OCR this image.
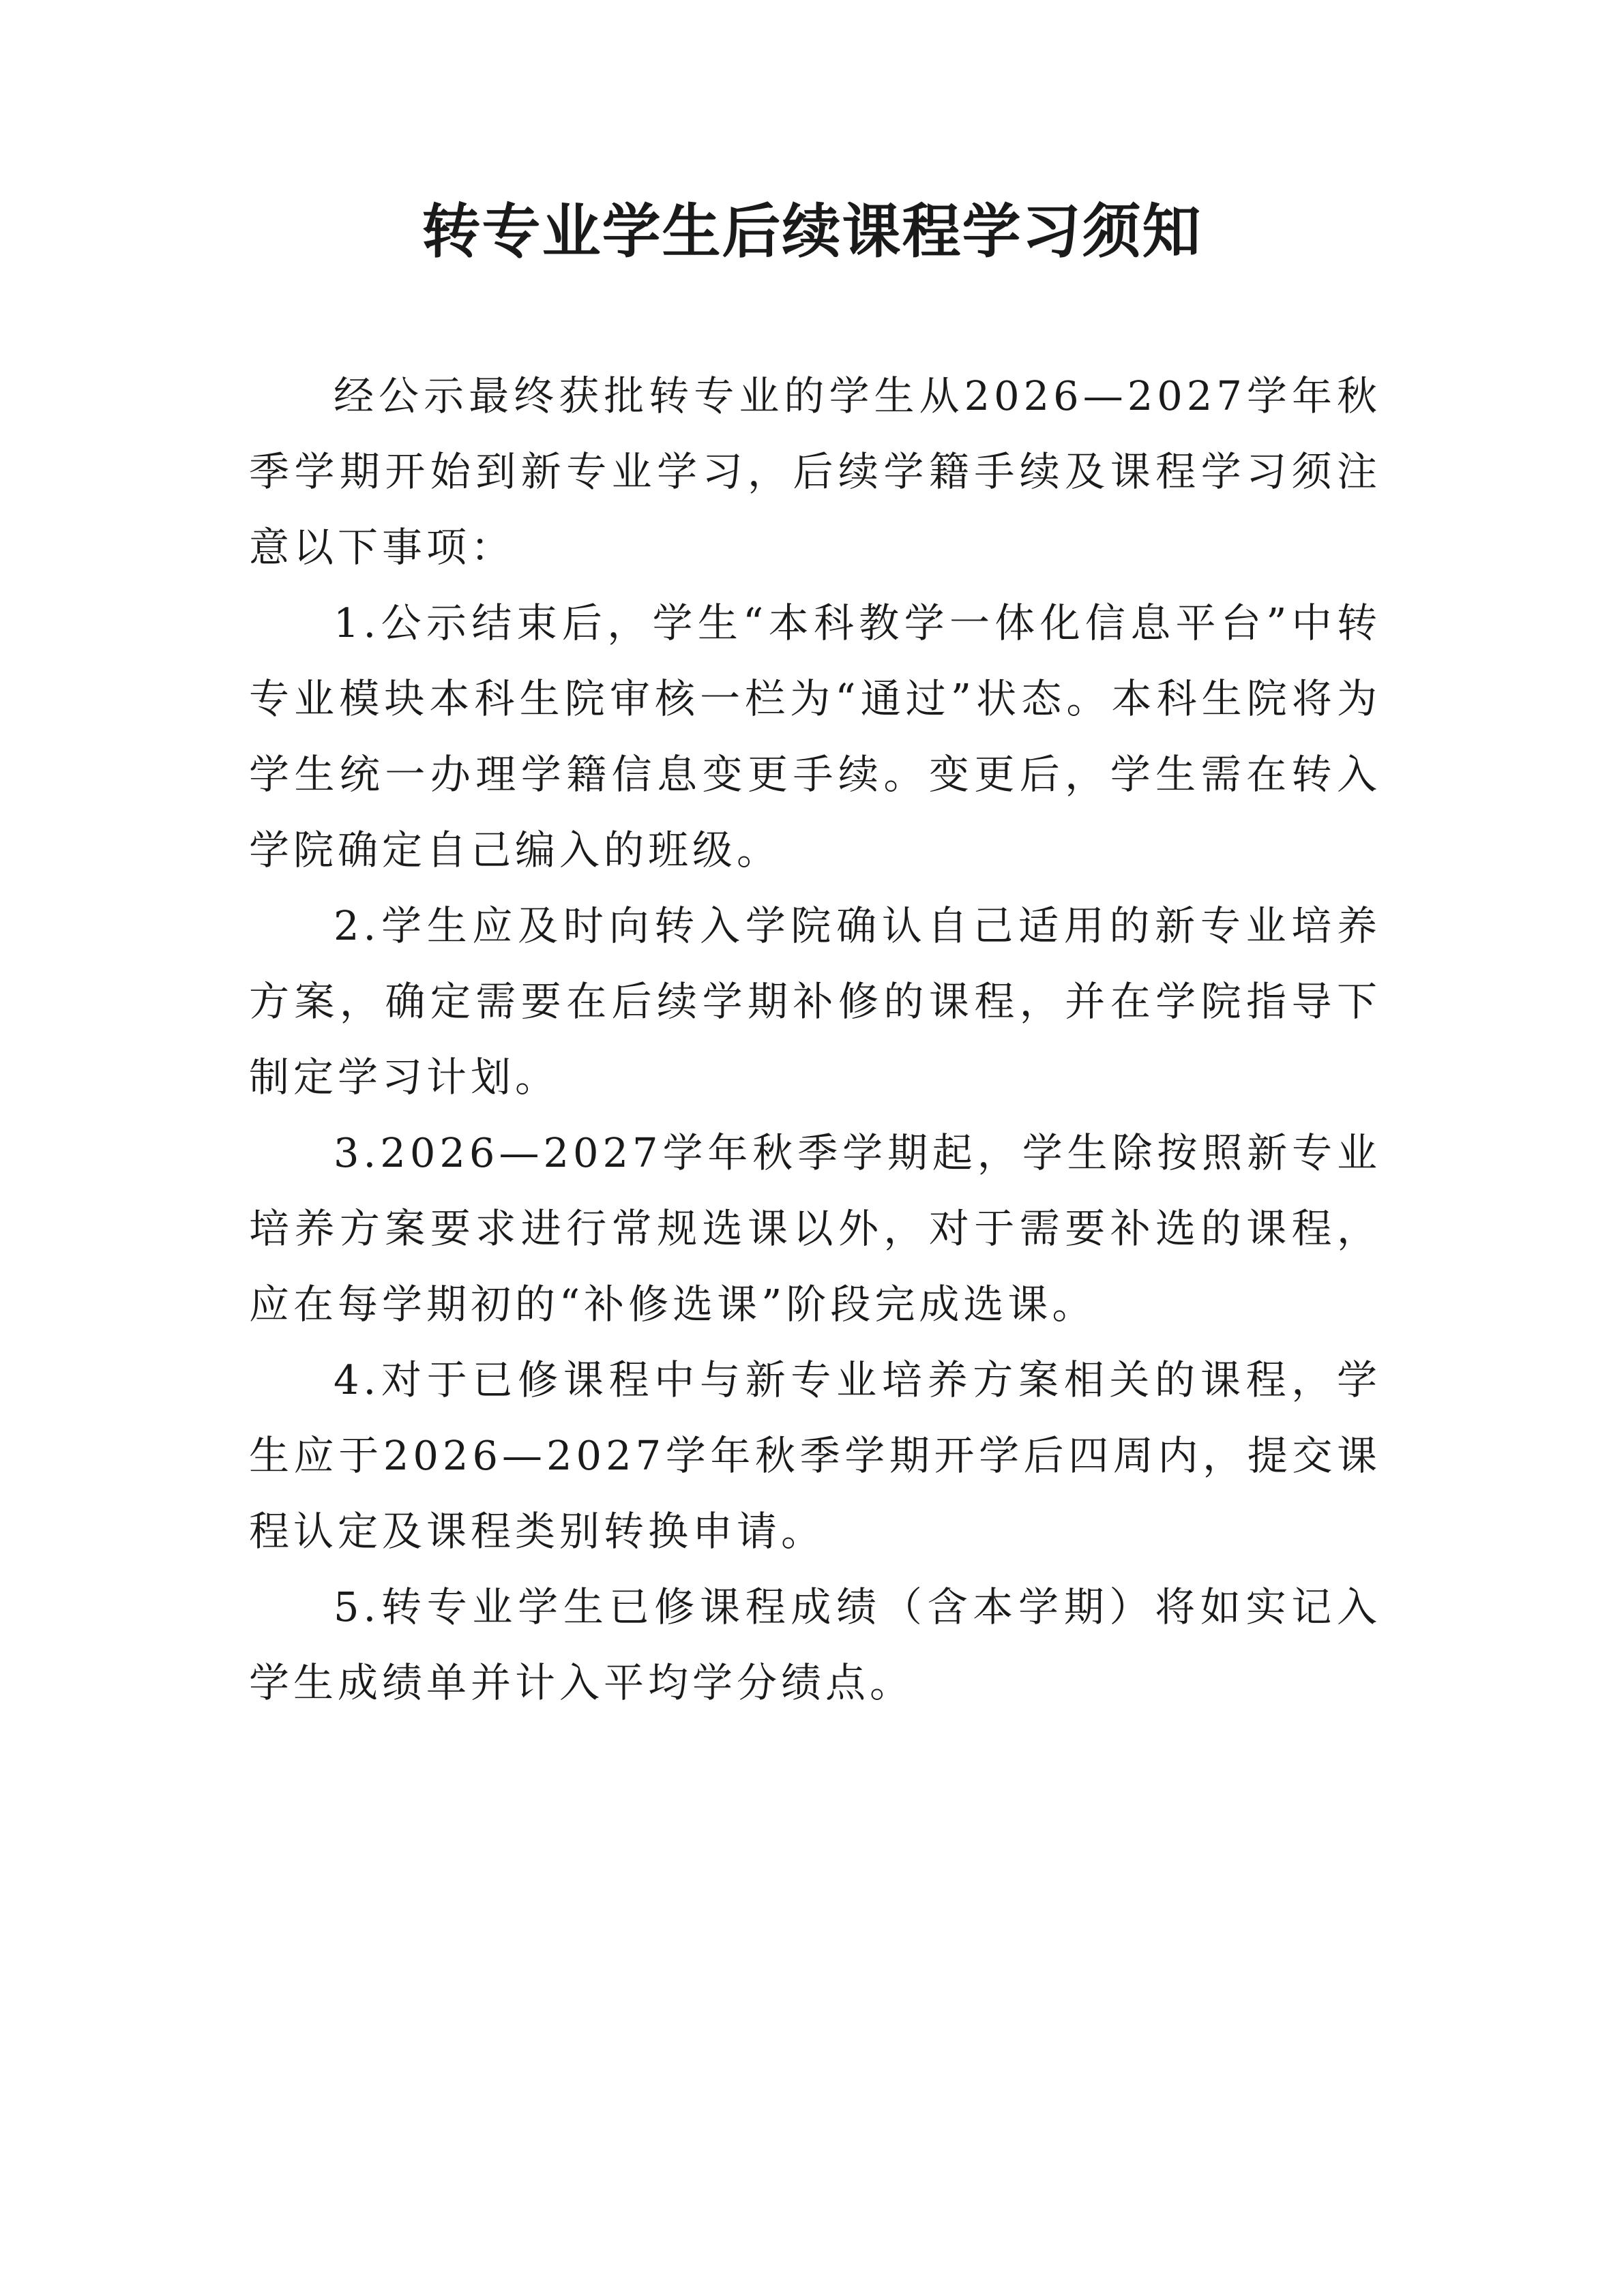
转专业学生后续课程学习须知

经公示最终获批转专业的学生从2026—2027学年秋季学期开始到新专业学习，后续学籍手续及课程学习须注意以下事项：

1.公示结束后，学生“本科教学一体化信息平台”中转专业模块本科生院审核一栏为“通过”状态。本科生院将为学生统一办理学籍信息变更手续。变更后，学生需在转入学院确定自己编入的班级。

2.学生应及时向转入学院确认自己适用的新专业培养方案，确定需要在后续学期补修的课程，并在学院指导下制定学习计划。

3.2026—2027学年秋季学期起，学生除按照新专业培养方案要求进行常规选课以外，对于需要补选的课程，应在每学期初的“补修选课”阶段完成选课。

4.对于已修课程中与新专业培养方案相关的课程，学生应于2026—2027学年秋季学期开学后四周内，提交课程认定及课程类别转换申请。

5.转专业学生已修课程成绩（含本学期）将如实记入学生成绩单并计入平均学分绩点。
